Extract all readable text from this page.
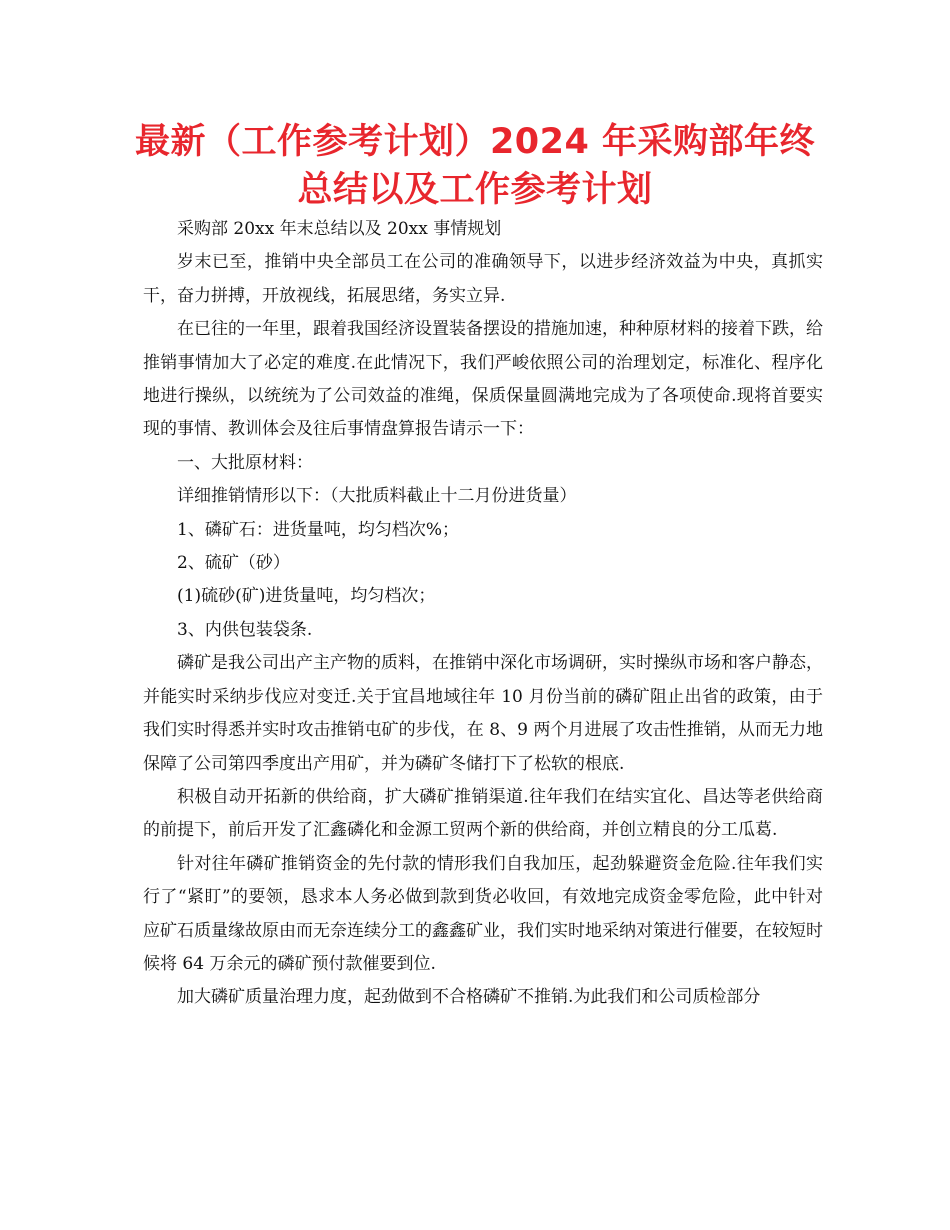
最新（工作参考计划）2024 年采购部年终
总结以及工作参考计划

采购部 20xx 年末总结以及 20xx 事情规划

岁末已至，推销中央全部员工在公司的准确领导下，以进步经济效益为中央，真抓实干，奋力拼搏，开放视线，拓展思绪，务实立异.

在已往的一年里，跟着我国经济设置装备摆设的措施加速，种种原材料的接着下跌，给推销事情加大了必定的难度.在此情况下，我们严峻依照公司的治理划定，标准化、程序化地进行操纵，以统统为了公司效益的准绳，保质保量圆满地完成为了各项使命.现将首要实现的事情、教训体会及往后事情盘算报告请示一下：

一、大批原材料：

详细推销情形以下：（大批质料截止十二月份进货量）

1、磷矿石：进货量吨，均匀档次%；

2、硫矿（砂）

(1)硫砂(矿)进货量吨，均匀档次；

3、内供包装袋条.

磷矿是我公司出产主产物的质料，在推销中深化市场调研，实时操纵市场和客户静态，并能实时采纳步伐应对变迁.关于宜昌地域往年 10 月份当前的磷矿阻止出省的政策，由于我们实时得悉并实时攻击推销屯矿的步伐，在 8、9 两个月进展了攻击性推销，从而无力地保障了公司第四季度出产用矿，并为磷矿冬储打下了松软的根底.

积极自动开拓新的供给商，扩大磷矿推销渠道.往年我们在结实宜化、昌达等老供给商的前提下，前后开发了汇鑫磷化和金源工贸两个新的供给商，并创立精良的分工瓜葛.

针对往年磷矿推销资金的先付款的情形我们自我加压，起劲躲避资金危险.往年我们实行了“紧盯”的要领，恳求本人务必做到款到货必收回，有效地完成资金零危险，此中针对应矿石质量缘故原由而无奈连续分工的鑫鑫矿业，我们实时地采纳对策进行催要，在较短时候将 64 万余元的磷矿预付款催要到位.

加大磷矿质量治理力度，起劲做到不合格磷矿不推销.为此我们和公司质检部分
